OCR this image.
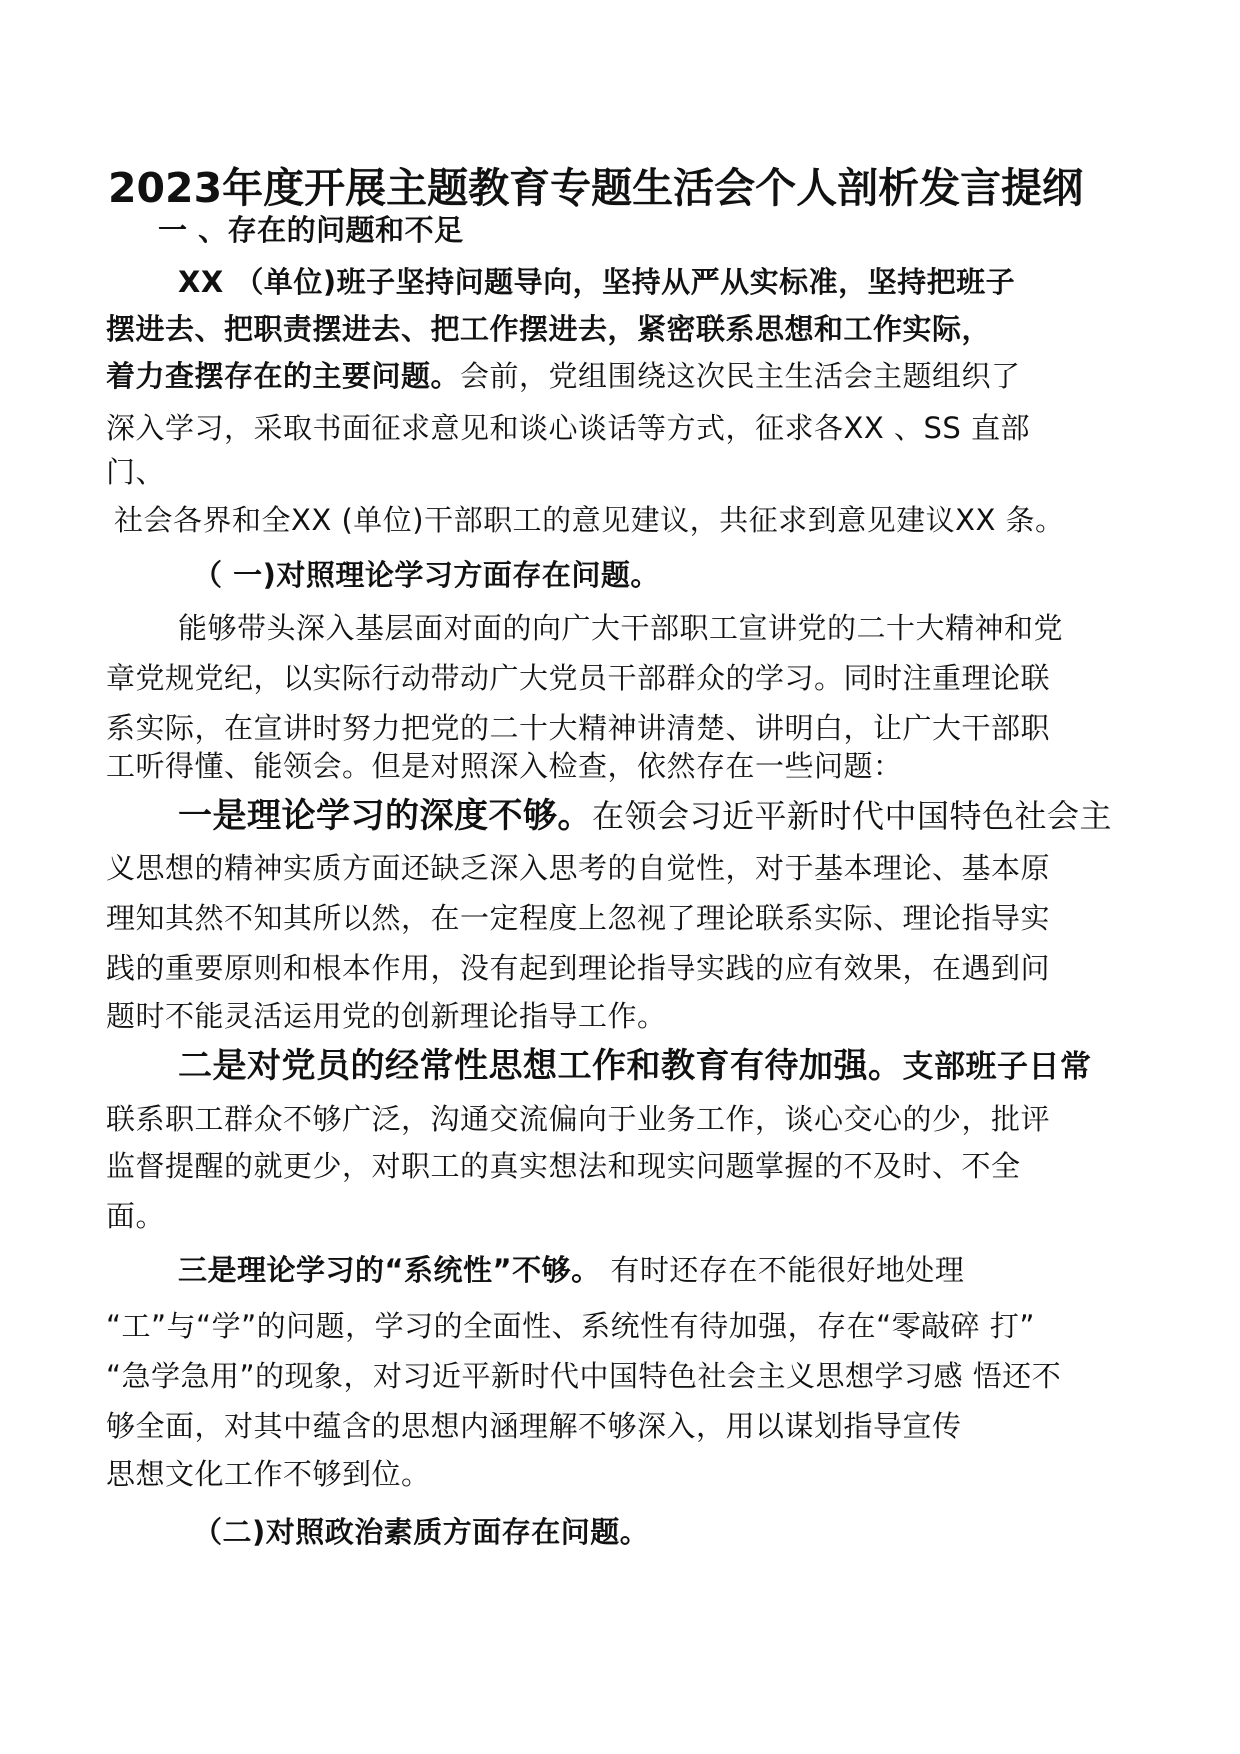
2023年度开展主题教育专题生活会个人剖析发言提纲
一 、存在的问题和不足
XX （单位)班子坚持问题导向，坚持从严从实标准，坚持把班子
摆进去、把职责摆进去、把工作摆进去，紧密联系思想和工作实际，
着力查摆存在的主要问题。会前，党组围绕这次民主生活会主题组织了
深入学习，采取书面征求意见和谈心谈话等方式，征求各XX 、SS 直部
门、
社会各界和全XX (单位)干部职工的意见建议，共征求到意见建议XX 条。
（ 一)对照理论学习方面存在问题。
能够带头深入基层面对面的向广大干部职工宣讲党的二十大精神和党
章党规党纪，以实际行动带动广大党员干部群众的学习。同时注重理论联
系实际，在宣讲时努力把党的二十大精神讲清楚、讲明白，让广大干部职
工听得懂、能领会。但是对照深入检查，依然存在一些问题：
一是理论学习的深度不够。在领会习近平新时代中国特色社会主
义思想的精神实质方面还缺乏深入思考的自觉性，对于基本理论、基本原
理知其然不知其所以然，在一定程度上忽视了理论联系实际、理论指导实
践的重要原则和根本作用，没有起到理论指导实践的应有效果，在遇到问
题时不能灵活运用党的创新理论指导工作。
二是对党员的经常性思想工作和教育有待加强。支部班子日常
联系职工群众不够广泛，沟通交流偏向于业务工作，谈心交心的少，批评
监督提醒的就更少，对职工的真实想法和现实问题掌握的不及时、不全
面。
三是理论学习的“系统性”不够。 有时还存在不能很好地处理
“工”与“学”的问题，学习的全面性、系统性有待加强，存在“零敲碎 打”
“急学急用”的现象，对习近平新时代中国特色社会主义思想学习感 悟还不
够全面，对其中蕴含的思想内涵理解不够深入，用以谋划指导宣传
思想文化工作不够到位。
（二)对照政治素质方面存在问题。
